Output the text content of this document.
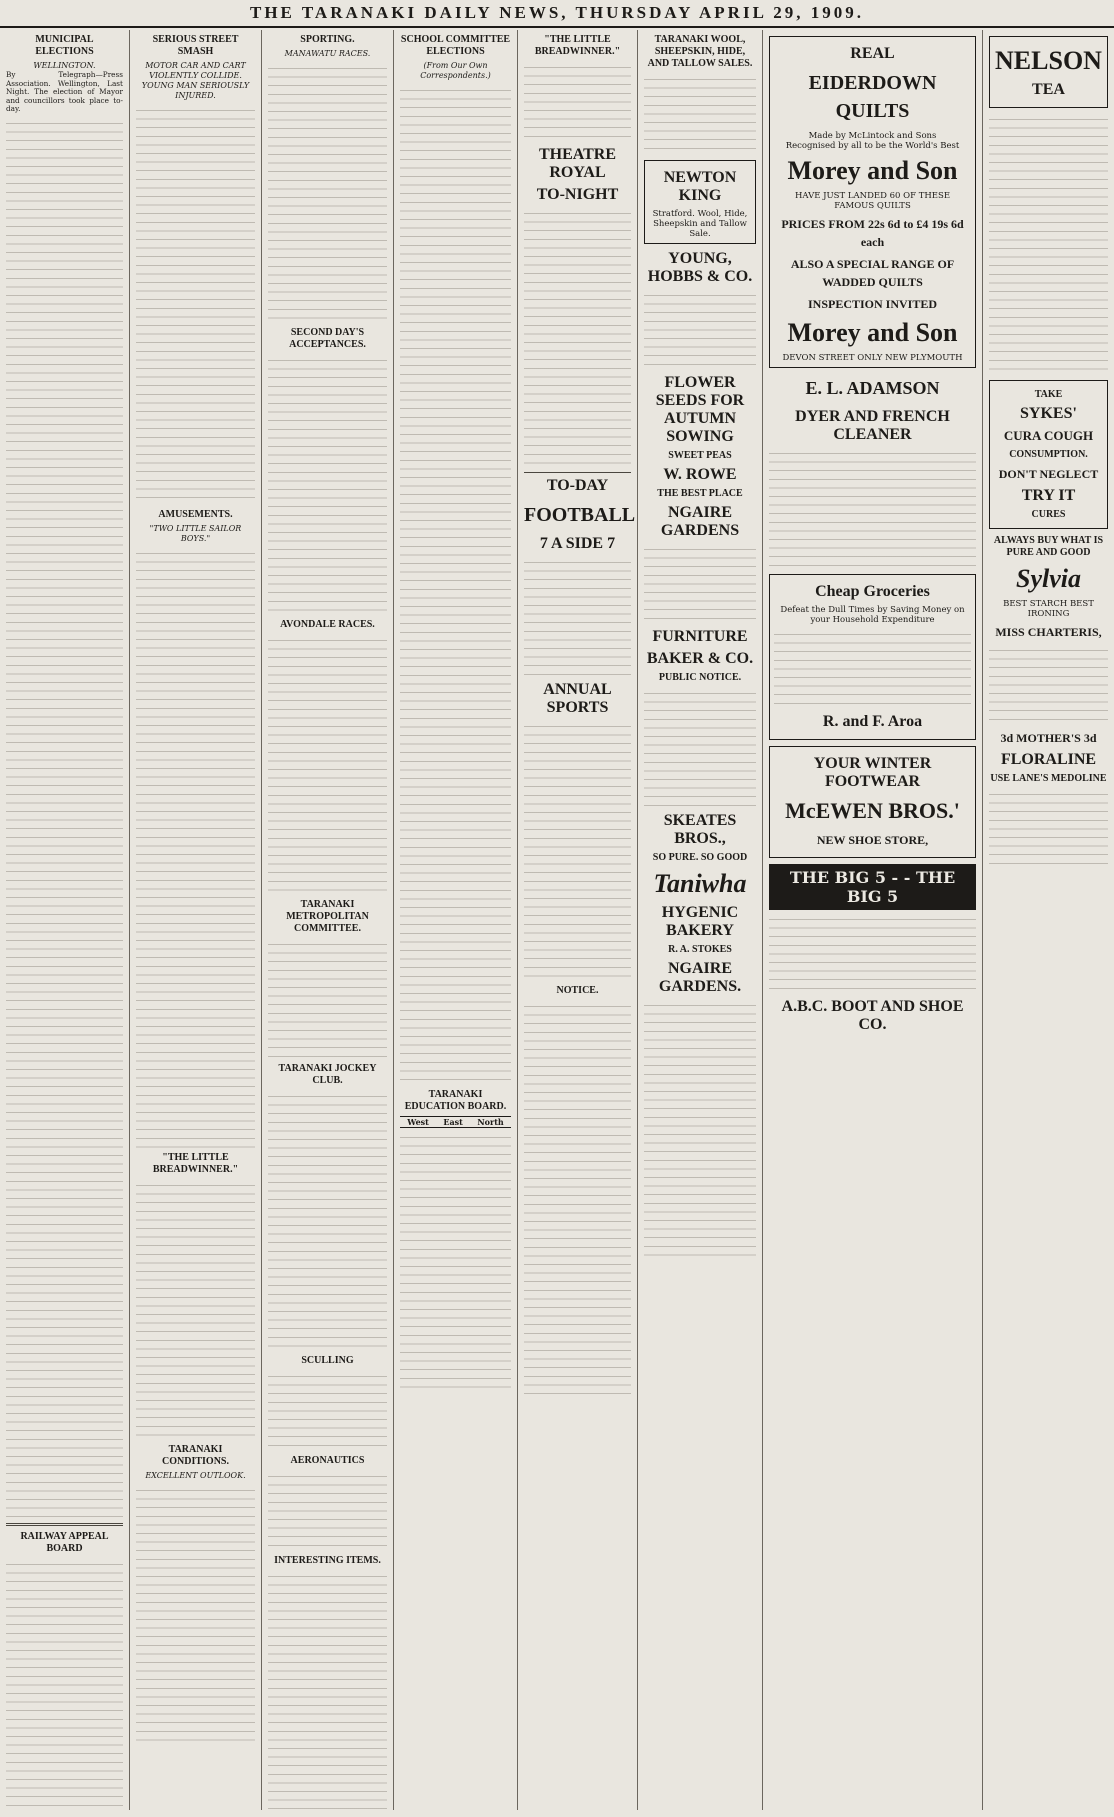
THE TARANAKI DAILY NEWS, THURSDAY APRIL 29, 1909.
MUNICIPAL ELECTIONS
WELLINGTON.
By Telegraph—Press Association. Wellington, Last Night. The election of Mayor and councillors took place to-day.
RAILWAY APPEAL BOARD
SERIOUS STREET SMASH
MOTOR CAR AND CART VIOLENTLY COLLIDE.
YOUNG MAN SERIOUSLY INJURED.
AMUSEMENTS.
"TWO LITTLE SAILOR BOYS."
"THE LITTLE BREADWINNER."
TARANAKI CONDITIONS.
EXCELLENT OUTLOOK.
SPORTING.
MANAWATU RACES.
SECOND DAY'S ACCEPTANCES.
AVONDALE RACES.
TARANAKI METROPOLITAN COMMITTEE.
TARANAKI JOCKEY CLUB.
SCULLING
AERONAUTICS
INTERESTING ITEMS.
SCHOOL COMMITTEE ELECTIONS
(From Our Own Correspondents.)
TARANAKI EDUCATION BOARD.
West East North
"THE LITTLE BREADWINNER."
THEATRE ROYAL
TO-NIGHT
TO-DAY
FOOTBALL
7 A SIDE 7
ANNUAL SPORTS
NOTICE.
TARANAKI WOOL, SHEEPSKIN, HIDE, AND TALLOW SALES.
NEWTON KING
Stratford. Wool, Hide, Sheepskin and Tallow Sale.
YOUNG, HOBBS & CO.
FLOWER SEEDS FOR AUTUMN SOWING
SWEET PEAS
W. ROWE
THE BEST PLACE
NGAIRE GARDENS
FURNITURE
BAKER & CO.
PUBLIC NOTICE.
SKEATES BROS.,
SO PURE. SO GOOD
Taniwha
HYGENIC BAKERY
R. A. STOKES
NGAIRE GARDENS.
REAL
EIDERDOWN QUILTS
Made by McLintock and Sons
Recognised by all to be the World's Best
Morey and Son
HAVE JUST LANDED 60 OF THESE FAMOUS QUILTS
PRICES FROM 22s 6d to £4 19s 6d each
ALSO A SPECIAL RANGE OF WADDED QUILTS
INSPECTION INVITED
Morey and Son
DEVON STREET ONLY NEW PLYMOUTH
E. L. ADAMSON
DYER AND FRENCH CLEANER
Cheap Groceries
Defeat the Dull Times by Saving Money on your Household Expenditure
R. and F. Aroa
YOUR WINTER FOOTWEAR
McEWEN BROS.'
NEW SHOE STORE,
THE BIG 5 - - THE BIG 5
A.B.C. BOOT AND SHOE CO.
NELSON
TEA
TAKE
SYKES'
CURA COUGH
CONSUMPTION.
DON'T NEGLECT
TRY IT
CURES
ALWAYS BUY WHAT IS PURE AND GOOD
Sylvia
BEST STARCH BEST IRONING
MISS CHARTERIS,
3d MOTHER'S 3d
FLORALINE
USE LANE'S MEDOLINE
